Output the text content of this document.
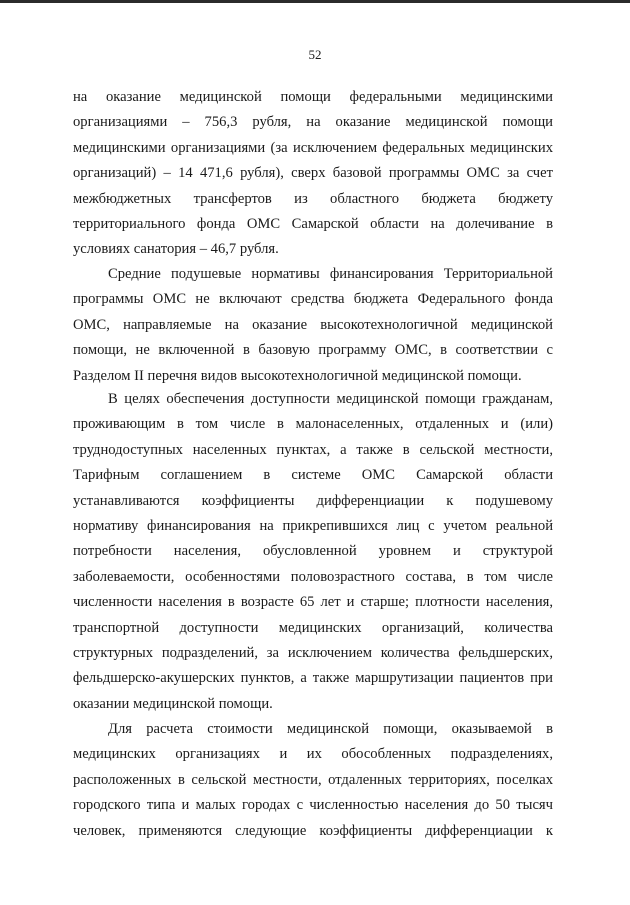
52
на оказание медицинской помощи федеральными медицинскими
организациями – 756,3 рубля, на оказание медицинской помощи
медицинскими организациями (за исключением федеральных медицинских
организаций) – 14 471,6 рубля), сверх базовой программы ОМС за счет
межбюджетных трансфертов из областного бюджета бюджету
территориального фонда ОМС Самарской области на долечивание в
условиях санатория – 46,7 рубля.
Средние подушевые нормативы финансирования Территориальной
программы ОМС не включают средства бюджета Федерального фонда
ОМС, направляемые на оказание высокотехнологичной медицинской
помощи, не включенной в базовую программу ОМС, в соответствии с
Разделом II перечня видов высокотехнологичной медицинской помощи.
В целях обеспечения доступности медицинской помощи гражданам,
проживающим в том числе в малонаселенных, отдаленных и (или)
труднодоступных населенных пунктах, а также в сельской местности,
Тарифным соглашением в системе ОМС Самарской области
устанавливаются коэффициенты дифференциации к подушевому
нормативу финансирования на прикрепившихся лиц с учетом реальной
потребности населения, обусловленной уровнем и структурой
заболеваемости, особенностями половозрастного состава, в том числе
численности населения в возрасте 65 лет и старше; плотности населения,
транспортной доступности медицинских организаций, количества
структурных подразделений, за исключением количества фельдшерских,
фельдшерско-акушерских пунктов, а также маршрутизации пациентов при
оказании медицинской помощи.
Для расчета стоимости медицинской помощи, оказываемой в
медицинских организациях и их обособленных подразделениях,
расположенных в сельской местности, отдаленных территориях, поселках
городского типа и малых городах с численностью населения до 50 тысяч
человек, применяются следующие коэффициенты дифференциации к
